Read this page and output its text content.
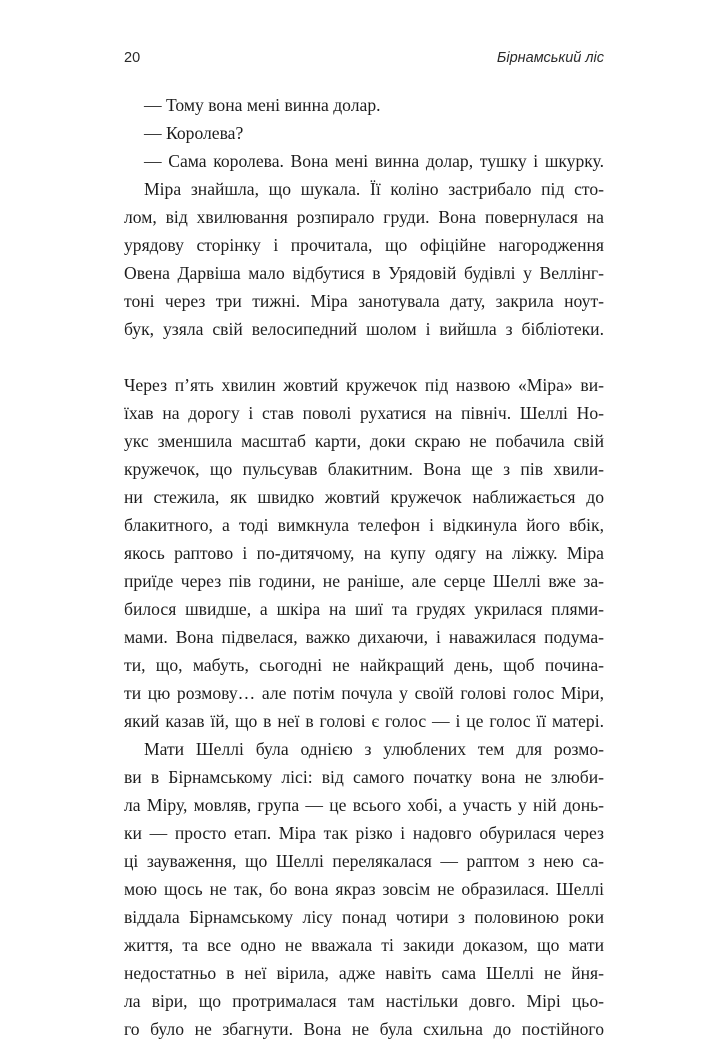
20	Бірнамський ліс
— Тому вона мені винна долар.
— Королева?
— Сама королева. Вона мені винна долар, тушку і шкурку.
Міра знайшла, що шукала. Її коліно застрибало під сто-
лом, від хвилювання розпирало груди. Вона повернулася на
урядову сторінку і прочитала, що офіційне нагородження
Овена Дарвіша мало відбутися в Урядовій будівлі у Веллінг-
тоні через три тижні. Міра занотувала дату, закрила ноут-
бук, узяла свій велосипедний шолом і вийшла з бібліотеки.
Через п’ять хвилин жовтий кружечок під назвою «Міра» ви-
їхав на дорогу і став поволі рухатися на північ. Шеллі Но-
укс зменшила масштаб карти, доки скраю не побачила свій
кружечок, що пульсував блакитним. Вона ще з пів хвили-
ни стежила, як швидко жовтий кружечок наближається до
блакитного, а тоді вимкнула телефон і відкинула його вбік,
якось раптово і по-дитячому, на купу одягу на ліжку. Міра
приїде через пів години, не раніше, але серце Шеллі вже за-
билося швидше, а шкіра на шиї та грудях укрилася плями-
мами. Вона підвелася, важко дихаючи, і наважилася подума-
ти, що, мабуть, сьогодні не найкращий день, щоб почина-
ти цю розмову… але потім почула у своїй голові голос Міри,
який казав їй, що в неї в голові є голос — і це голос її матері.
Мати Шеллі була однією з улюблених тем для розмо-
ви в Бірнамському лісі: від самого початку вона не злюби-
ла Міру, мовляв, група — це всього хобі, а участь у ній донь-
ки — просто етап. Міра так різко і надовго обурилася через
ці зауваження, що Шеллі перелякалася — раптом з нею са-
мою щось не так, бо вона якраз зовсім не образилася. Шеллі
віддала Бірнамському лісу понад чотири з половиною роки
життя, та все одно не вважала ті закиди доказом, що мати
недостатньо в неї вірила, адже навіть сама Шеллі не йня-
ла віри, що протрималася там настільки довго. Мірі цьо-
го було не збагнути. Вона не була схильна до постійного
